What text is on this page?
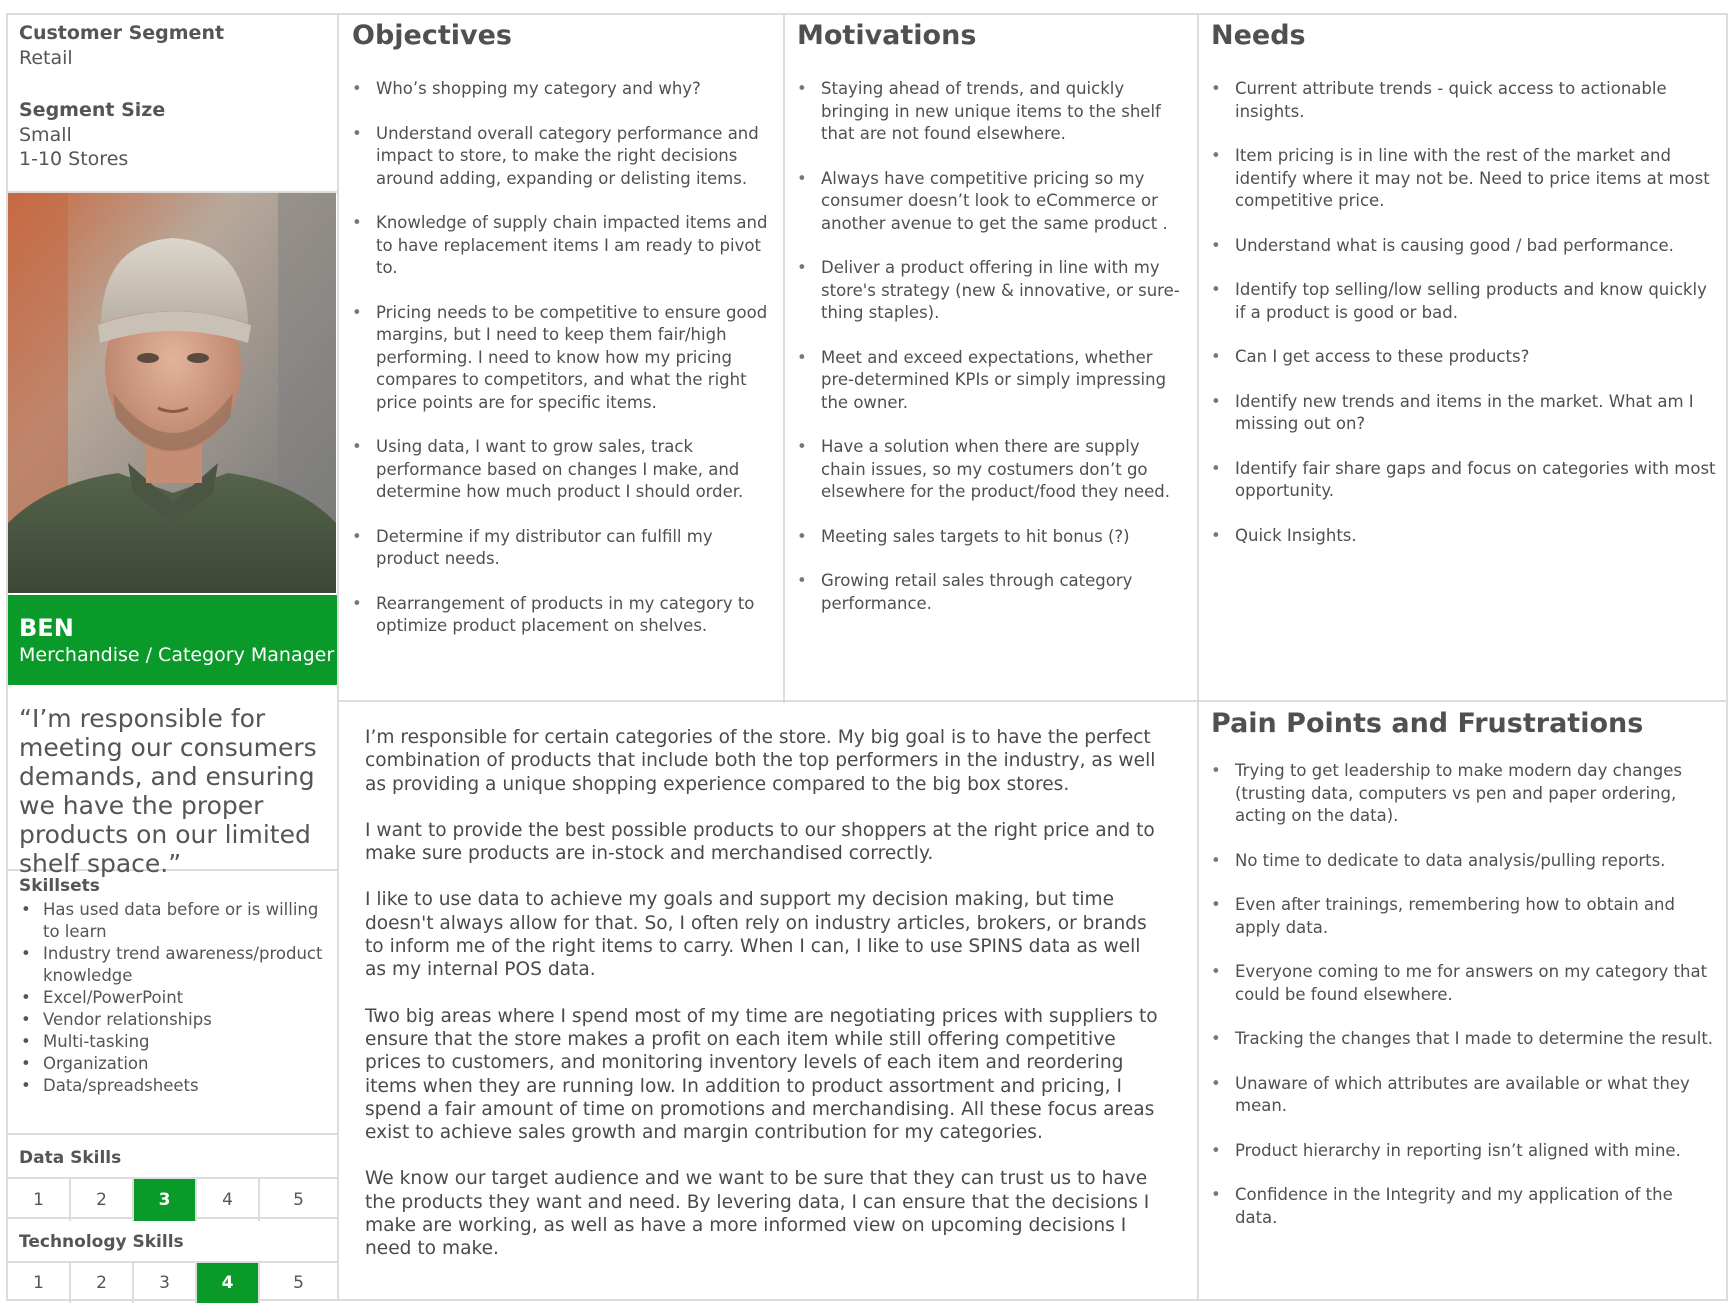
Customer Segment
Retail
Segment Size
Small
1-10 Stores
BEN
Merchandise / Category Manager
“I’m responsible for meeting our consumers demands, and ensuring we have the proper products on our limited shelf space.”
Skillsets
• Has used data before or is willing to learn
• Industry trend awareness/product knowledge
• Excel/PowerPoint
• Vendor relationships
• Multi-tasking
• Organization
• Data/spreadsheets
Data Skills
1	2	3	4	5
Technology Skills
1	2	3	4	5
Objectives
• Who’s shopping my category and why?
• Understand overall category performance and impact to store, to make the right decisions around adding, expanding or delisting items.
• Knowledge of supply chain impacted items and to have replacement items I am ready to pivot to.
• Pricing needs to be competitive to ensure good margins, but I need to keep them fair/high performing. I need to know how my pricing compares to competitors, and what the right price points are for specific items.
• Using data, I want to grow sales, track performance based on changes I make, and determine how much product I should order.
• Determine if my distributor can fulfill my product needs.
• Rearrangement of products in my category to optimize product placement on shelves.
Motivations
• Staying ahead of trends, and quickly bringing in new unique items to the shelf that are not found elsewhere.
• Always have competitive pricing so my consumer doesn’t look to eCommerce or another avenue to get the same product .
• Deliver a product offering in line with my store's strategy (new & innovative, or sure-thing staples).
• Meet and exceed expectations, whether pre-determined KPIs or simply impressing the owner.
• Have a solution when there are supply chain issues, so my costumers don’t go elsewhere for the product/food they need.
• Meeting sales targets to hit bonus (?)
• Growing retail sales through category performance.
Needs
• Current attribute trends - quick access to actionable insights.
• Item pricing is in line with the rest of the market and identify where it may not be. Need to price items at most competitive price.
• Understand what is causing good / bad performance.
• Identify top selling/low selling products and know quickly if a product is good or bad.
• Can I get access to these products?
• Identify new trends and items in the market. What am I missing out on?
• Identify fair share gaps and focus on categories with most opportunity.
• Quick Insights.

I’m responsible for certain categories of the store. My big goal is to have the perfect combination of products that include both the top performers in the industry, as well as providing a unique shopping experience compared to the big box stores.

I want to provide the best possible products to our shoppers at the right price and to make sure products are in-stock and merchandised correctly.

I like to use data to achieve my goals and support my decision making, but time doesn't always allow for that. So, I often rely on industry articles, brokers, or brands to inform me of the right items to carry. When I can, I like to use SPINS data as well as my internal POS data.

Two big areas where I spend most of my time are negotiating prices with suppliers to ensure that the store makes a profit on each item while still offering competitive prices to customers, and monitoring inventory levels of each item and reordering items when they are running low. In addition to product assortment and pricing, I spend a fair amount of time on promotions and merchandising. All these focus areas exist to achieve sales growth and margin contribution for my categories.

We know our target audience and we want to be sure that they can trust us to have the products they want and need. By levering data, I can ensure that the decisions I make are working, as well as have a more informed view on upcoming decisions I need to make.

Pain Points and Frustrations
• Trying to get leadership to make modern day changes (trusting data, computers vs pen and paper ordering, acting on the data).
• No time to dedicate to data analysis/pulling reports.
• Even after trainings, remembering how to obtain and apply data.
• Everyone coming to me for answers on my category that could be found elsewhere.
• Tracking the changes that I made to determine the result.
• Unaware of which attributes are available or what they mean.
• Product hierarchy in reporting isn’t aligned with mine.
• Confidence in the Integrity and my application of the data.
